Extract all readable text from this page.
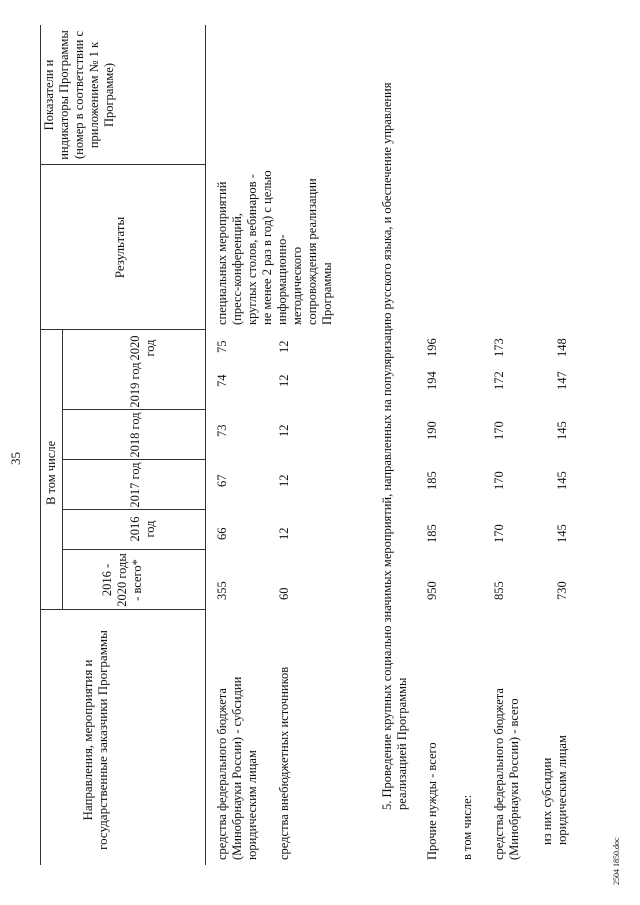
35
Направления, мероприятия и государственные заказчики Программы
2016 - 2020 годы - всего*
В том числе
2016 год
2017 год
2018 год
2019 год
2020 год
Результаты
Показатели и индикаторы Программы (номер в соответствии с приложением № 1 к Программе)
средства федерального бюджета (Минобрнауки России) - субсидии юридическим лицам
355
66
67
73
74
75
специальных мероприятий (пресс-конференций, круглых столов, вебинаров - не менее 2 раз в год) с целью информационно-методического сопровождения реализации Программы
средства внебюджетных источников
60
12
12
12
12
12	5. Проведение крупных социально значимых мероприятий, направленных на популяризацию русского языка, и обеспечение управления реализацией Программы Прочие нужды - всего
950
185
185
190
194
196
в том числе: средства федерального бюджета (Минобрнауки России) - всего
855
170
170
170
172
173
из них субсидии юридическим лицам
730
145
145
145
147
148
2504 1850.doc
